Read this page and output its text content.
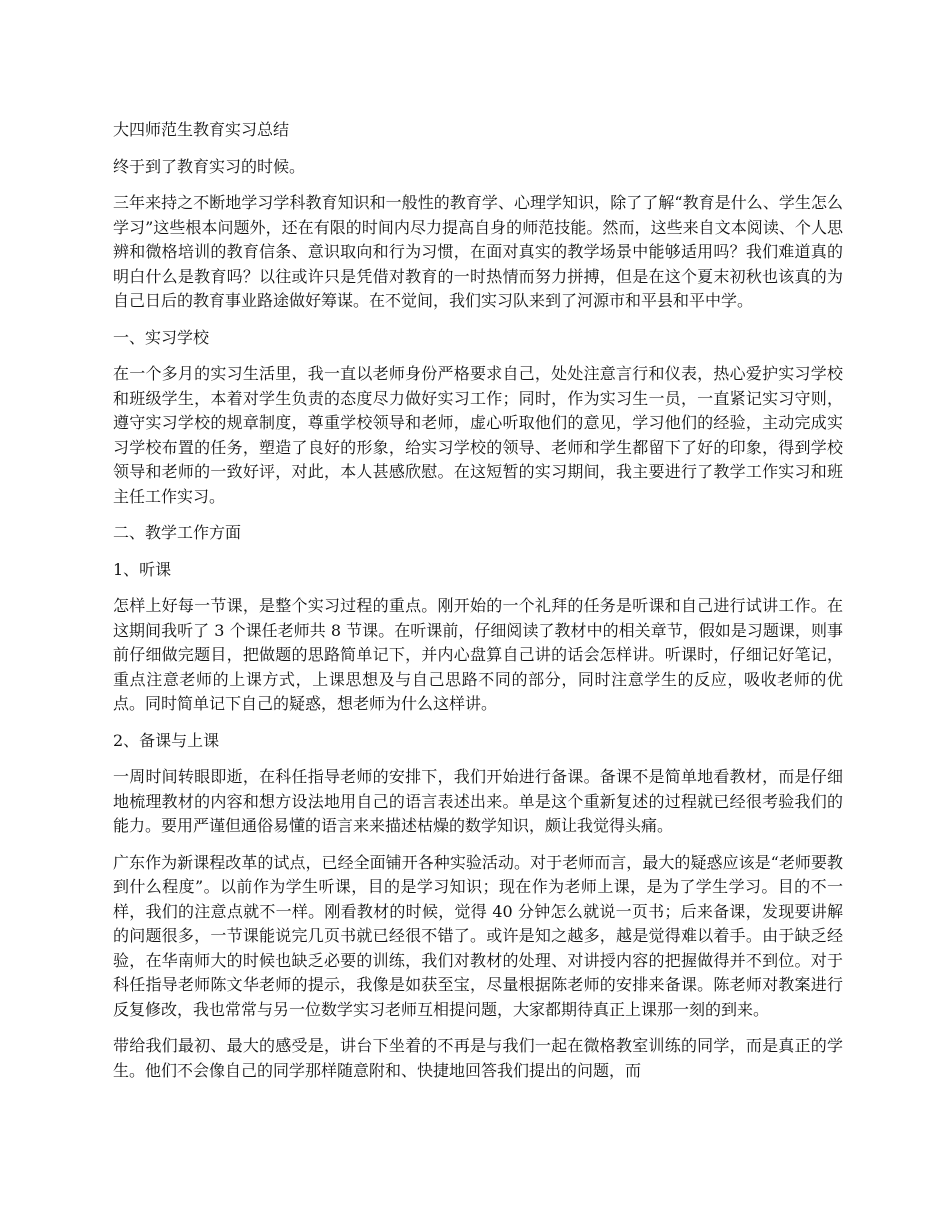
大四师范生教育实习总结

终于到了教育实习的时候。

三年来持之不断地学习学科教育知识和一般性的教育学、心理学知识，除了了解“教育是什么、学生怎么学习”这些根本问题外，还在有限的时间内尽力提高自身的师范技能。然而，这些来自文本阅读、个人思辨和微格培训的教育信条、意识取向和行为习惯，在面对真实的教学场景中能够适用吗？我们难道真的明白什么是教育吗？以往或许只是凭借对教育的一时热情而努力拼搏，但是在这个夏末初秋也该真的为自己日后的教育事业路途做好筹谋。在不觉间，我们实习队来到了河源市和平县和平中学。

一、实习学校

在一个多月的实习生活里，我一直以老师身份严格要求自己，处处注意言行和仪表，热心爱护实习学校和班级学生，本着对学生负责的态度尽力做好实习工作；同时，作为实习生一员，一直紧记实习守则，遵守实习学校的规章制度，尊重学校领导和老师，虚心听取他们的意见，学习他们的经验，主动完成实习学校布置的任务，塑造了良好的形象，给实习学校的领导、老师和学生都留下了好的印象，得到学校领导和老师的一致好评，对此，本人甚感欣慰。在这短暂的实习期间，我主要进行了教学工作实习和班主任工作实习。

二、教学工作方面

1、听课

怎样上好每一节课，是整个实习过程的重点。刚开始的一个礼拜的任务是听课和自己进行试讲工作。在这期间我听了 3 个课任老师共 8 节课。在听课前，仔细阅读了教材中的相关章节，假如是习题课，则事前仔细做完题目，把做题的思路简单记下，并内心盘算自己讲的话会怎样讲。听课时，仔细记好笔记，重点注意老师的上课方式，上课思想及与自己思路不同的部分，同时注意学生的反应，吸收老师的优点。同时简单记下自己的疑惑，想老师为什么这样讲。

2、备课与上课

一周时间转眼即逝，在科任指导老师的安排下，我们开始进行备课。备课不是简单地看教材，而是仔细地梳理教材的内容和想方设法地用自己的语言表述出来。单是这个重新复述的过程就已经很考验我们的能力。要用严谨但通俗易懂的语言来来描述枯燥的数学知识，颇让我觉得头痛。

广东作为新课程改革的试点，已经全面铺开各种实验活动。对于老师而言，最大的疑惑应该是“老师要教到什么程度”。以前作为学生听课，目的是学习知识；现在作为老师上课，是为了学生学习。目的不一样，我们的注意点就不一样。刚看教材的时候，觉得 40 分钟怎么就说一页书；后来备课，发现要讲解的问题很多，一节课能说完几页书就已经很不错了。或许是知之越多，越是觉得难以着手。由于缺乏经验，在华南师大的时候也缺乏必要的训练，我们对教材的处理、对讲授内容的把握做得并不到位。对于科任指导老师陈文华老师的提示，我像是如获至宝，尽量根据陈老师的安排来备课。陈老师对教案进行反复修改，我也常常与另一位数学实习老师互相提问题，大家都期待真正上课那一刻的到来。

带给我们最初、最大的感受是，讲台下坐着的不再是与我们一起在微格教室训练的同学，而是真正的学生。他们不会像自己的同学那样随意附和、快捷地回答我们提出的问题，而
